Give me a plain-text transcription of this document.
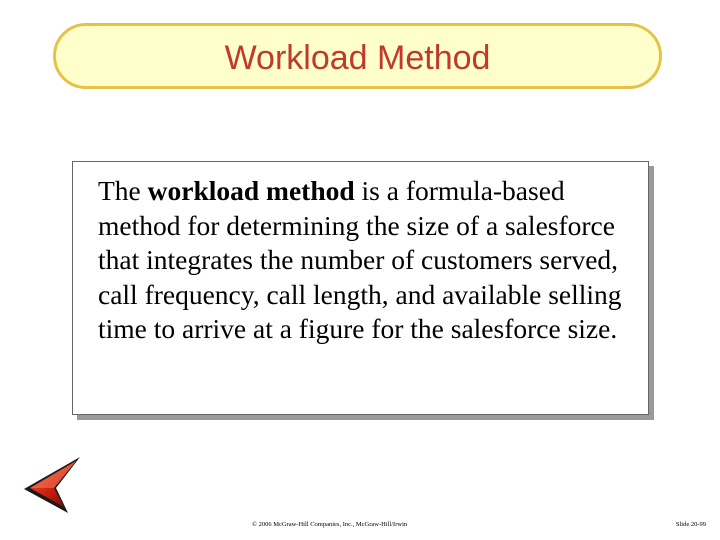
Workload Method
The workload method is a formula-based method for determining the size of a salesforce that integrates the number of customers served, call frequency, call length, and available selling time to arrive at a figure for the salesforce size.
© 2006 McGraw-Hill Companies, Inc., McGraw-Hill/Irwin	Slide 20-99
